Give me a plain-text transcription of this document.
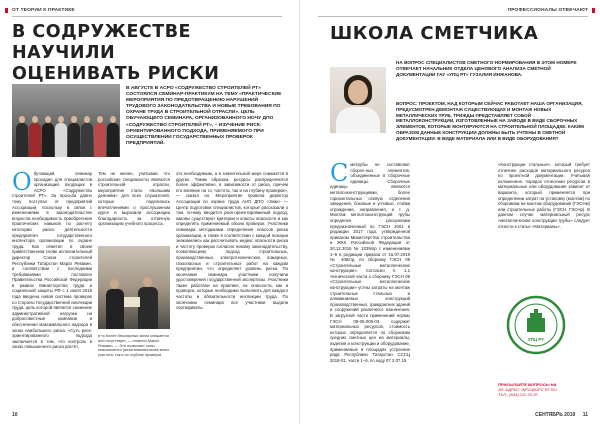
ОТ ТЕОРИИ К ПРАКТИКЕ
В СОДРУЖЕСТВЕ НАУЧИЛИ
ОЦЕНИВАТЬ РИСКИ
В АВГУСТЕ В АСРО «СОДРУЖЕСТВО СТРОИТЕЛЕЙ РТ» СОСТОЯЛСЯ СЕМИНАР-ПРАКТИКУМ НА ТЕМУ «ПРАКТИЧЕСКИЕ МЕРОПРИЯТИЯ ПО ПРЕДОТВРАЩЕНИЮ НАРУШЕНИЙ ТРУДОВОГО ЗАКОНОДАТЕЛЬСТВА И НОВЫЕ ТРЕБОВАНИЯ ПО ОХРАНЕ ТРУДА В СТРОИТЕЛЬНОЙ ОТРАСЛИ». ЦЕЛЬ ОБУЧАЮЩЕГО СЕМИНАРА, ОРГАНИЗОВАННОГО НОЧУ ДПО «СОДРУЖЕСТВО СТРОИТЕЛЕЙ РТ», – ИЗУЧЕНИЕ РИСК-ОРИЕНТИРОВАННОГО ПОДХОДА, ПРИМЕНЯЕМОГО ПРИ ОСУЩЕСТВЛЕНИИ ГОСУДАРСТВЕННЫХ ПРОВЕРОК ПРЕДПРИЯТИЙ.
О бучающий семинар проходил для специалистов организаций, входящих в АСРО «Содружество строителей РТ». За просьба давно тому поступал от предприятий Ассоциации, поскольку в связи с изменениями в законодательстве возросла необходимость приобретения практических навыков по расчету категории риска деятельности предприятия государственного инспектора организации по охране труда. Как отметил в своем приветственном слове исполнительный директор Союза строителей Республики Татарстан Марат Ревакин, в соответствии с последними требованиями поставлен Правительства Российской Федерации в рамках Министерства труда и социальной защиты РФ с 1 июля 2018 года введена новая система проверок со стороны Государственной инспекции труда, цель которой является снижение административной нагрузки на добросовестные компании и обеспечение максимального надзора в зонах наибольшего риска. «Суть риск-ориентированного подхода заключается в том, что контроль в зонах повышенного риска растет,
Тем не менее, учитывая, что российские специалисты являются строительной отрасли, мероприятие стало «Большим деяниям» для всех слушателей, которые поделились впечатлениями о прослушанном курсе и выразили ассоциации благодарность за отличную организацию учебного процесса.
в то более безопасных зонах снижается или отсутствует, — отметил Марат Ревакин. — Это позволяет зоны повышенного риска внимательнее всего (частота, так и по глубине проверки.
это необходимым, а в значительной мере снижается в других. Таким образом, ресурсы распределяются более эффективно, в зависимости от риска, причем его влияние на то, частота, так и на глубину проверки», — сказал он. Мероприятие провела директор Ассоциации по охране труда АНО ДПО «Знак» — Центр подготовки специалистов, которые рассказали о том, почему вводится риск-ориентированный подход, каковы существуют критерии и классы опасности и как определять применяемый объем проверок. Участники семинара методиками определения классов риска организации, а также в соответствии с каждой позиции знакомились как рассчитывать индекс опасности риска и частоту проверок согласно новому законодательству, позволяющему подход строительных, производственных, электротехнических, пожарных, газоопасных и строительных работ на каждом предприятии, что определяет уровень риска. По окончании семинара участники получили удостоверения государственной экспертизы. Участники также работали на практике, их опасности, как и проверок, которые необходимо выполнить для каждого частоты и обязательности инспекции труда. По окончании семинара все участники выдали сертификаты.
10
ПРОФЕССИОНАЛЫ ОТВЕЧАЮТ
ШКОЛА СМЕТЧИКА
НА ВОПРОС СПЕЦИАЛИСТОВ СМЕТНОГО НОРМИРОВАНИЯ В ЭТОМ НОМЕРЕ ОТВЕЧАЕТ НАЧАЛЬНИК ОТДЕЛА ЦЕНОВОГО АНАЛИЗА СМЕТНОЙ ДОКУМЕНТАЦИИ ГАУ «УПЦ РТ» ГУЗАЛИЯ ИНЖАНОВА.
ВОПРОС: ПРОЕКТОМ, НАД КОТОРЫМ СЕЙЧАС РАБОТАЕТ НАША ОРГАНИЗАЦИЯ, ПРЕДУСМОТРЕН ДЕМОНТАЖ СУЩЕСТВУЮЩИХ И МОНТАЖ НОВЫХ МЕТАЛЛИЧЕСКИХ ТРУБ, ТРИЖДЫ ПРЕДСТАВЛЯЕТ СОБОЙ МЕТАЛЛОКОНСТРУКЦИИ, ИЗГОТОВЛЕННЫЕ НА ЗАВОДЕ В ВИДЕ СБОРОЧНЫХ ЭЛЕМЕНТОВ, КОТОРЫЕ МОНТИРУЮТСЯ НА СТРОИТЕЛЬНОЙ ПЛОЩАДКЕ. КАКИМ ОБРАЗОМ ДАННЫЕ КОНСТРУКЦИИ ДОЛЖНЫ БЫТЬ УЧТЕНЫ В СМЕТНОЙ ДОКУМЕНТАЦИИ: В ВИДЕ МАТЕРИАЛА ИЛИ В ВИДЕ ОБОРУДОВАНИЯ?
С метрубы не составляют сбороч-ных элементов, объединенные в сборочные единицы. Сборочные единицы являются металлоконструкциями, более горизонтальных осевую отделения заведения, боковые и угловые, стойки ограждения, направления, и т. д. Монтаж металлоконструкций трубы определен расценками предназначенный по ГЭСН 2001 в редакции 2017 года, утвержденной приказом Министерства строительства и ЖКХ Российской Федерации от 30.12.2016 № 1039/пр с изменениями 1–6 в редакции приказа от 15.07.2019 № 408/пр, по сборнику ГЭСН 09 «Строительные металлические конструкции». Согласно п. 1.1 технической части к сборнику ГЭСН 09 «Строительные металлические конструкции» устны затраты на монтаж строительных стальных и алюминиевых конструкций производственных, гражданских зданий и сооружений различного назначения. В загрузной части применений нормы ГЭСН 09-06-006-03 содержит материальных ресурсов, стоимость которых определяется по сборникам средних сметных цен на материалы, изделия и конструкции и оборудование, применяемые в площадях устроение ряда Республики Татарстан СССЦ 2018-01, части 1–6, по коду 07.2.07.15
«Конструкции стальные», который требует отличнее расходов материального ресурса по проектной документации. Учитывая изложенное, порядок отнесения ресурсов в материальные или оборудования зависит от варианта, который применяется при определении затрат на установку (монтаж) по сборникам на монтаж оборудования (ГЭСНм) или строительные работы (ГЭСН, ГЭСНр). В данном случае материальный ресурс «металлические конструкции трубы» следует отнести к статье «Материалы».
УПЦ РТ
ПРИСЫЛАЙТЕ ВОПРОСЫ НА
ЭЛ. АДРЕС: INFO@UPC.RT.RU
ТЕЛ.: (843) 211-70-70
СЕНТЯБРЬ 2019 11
